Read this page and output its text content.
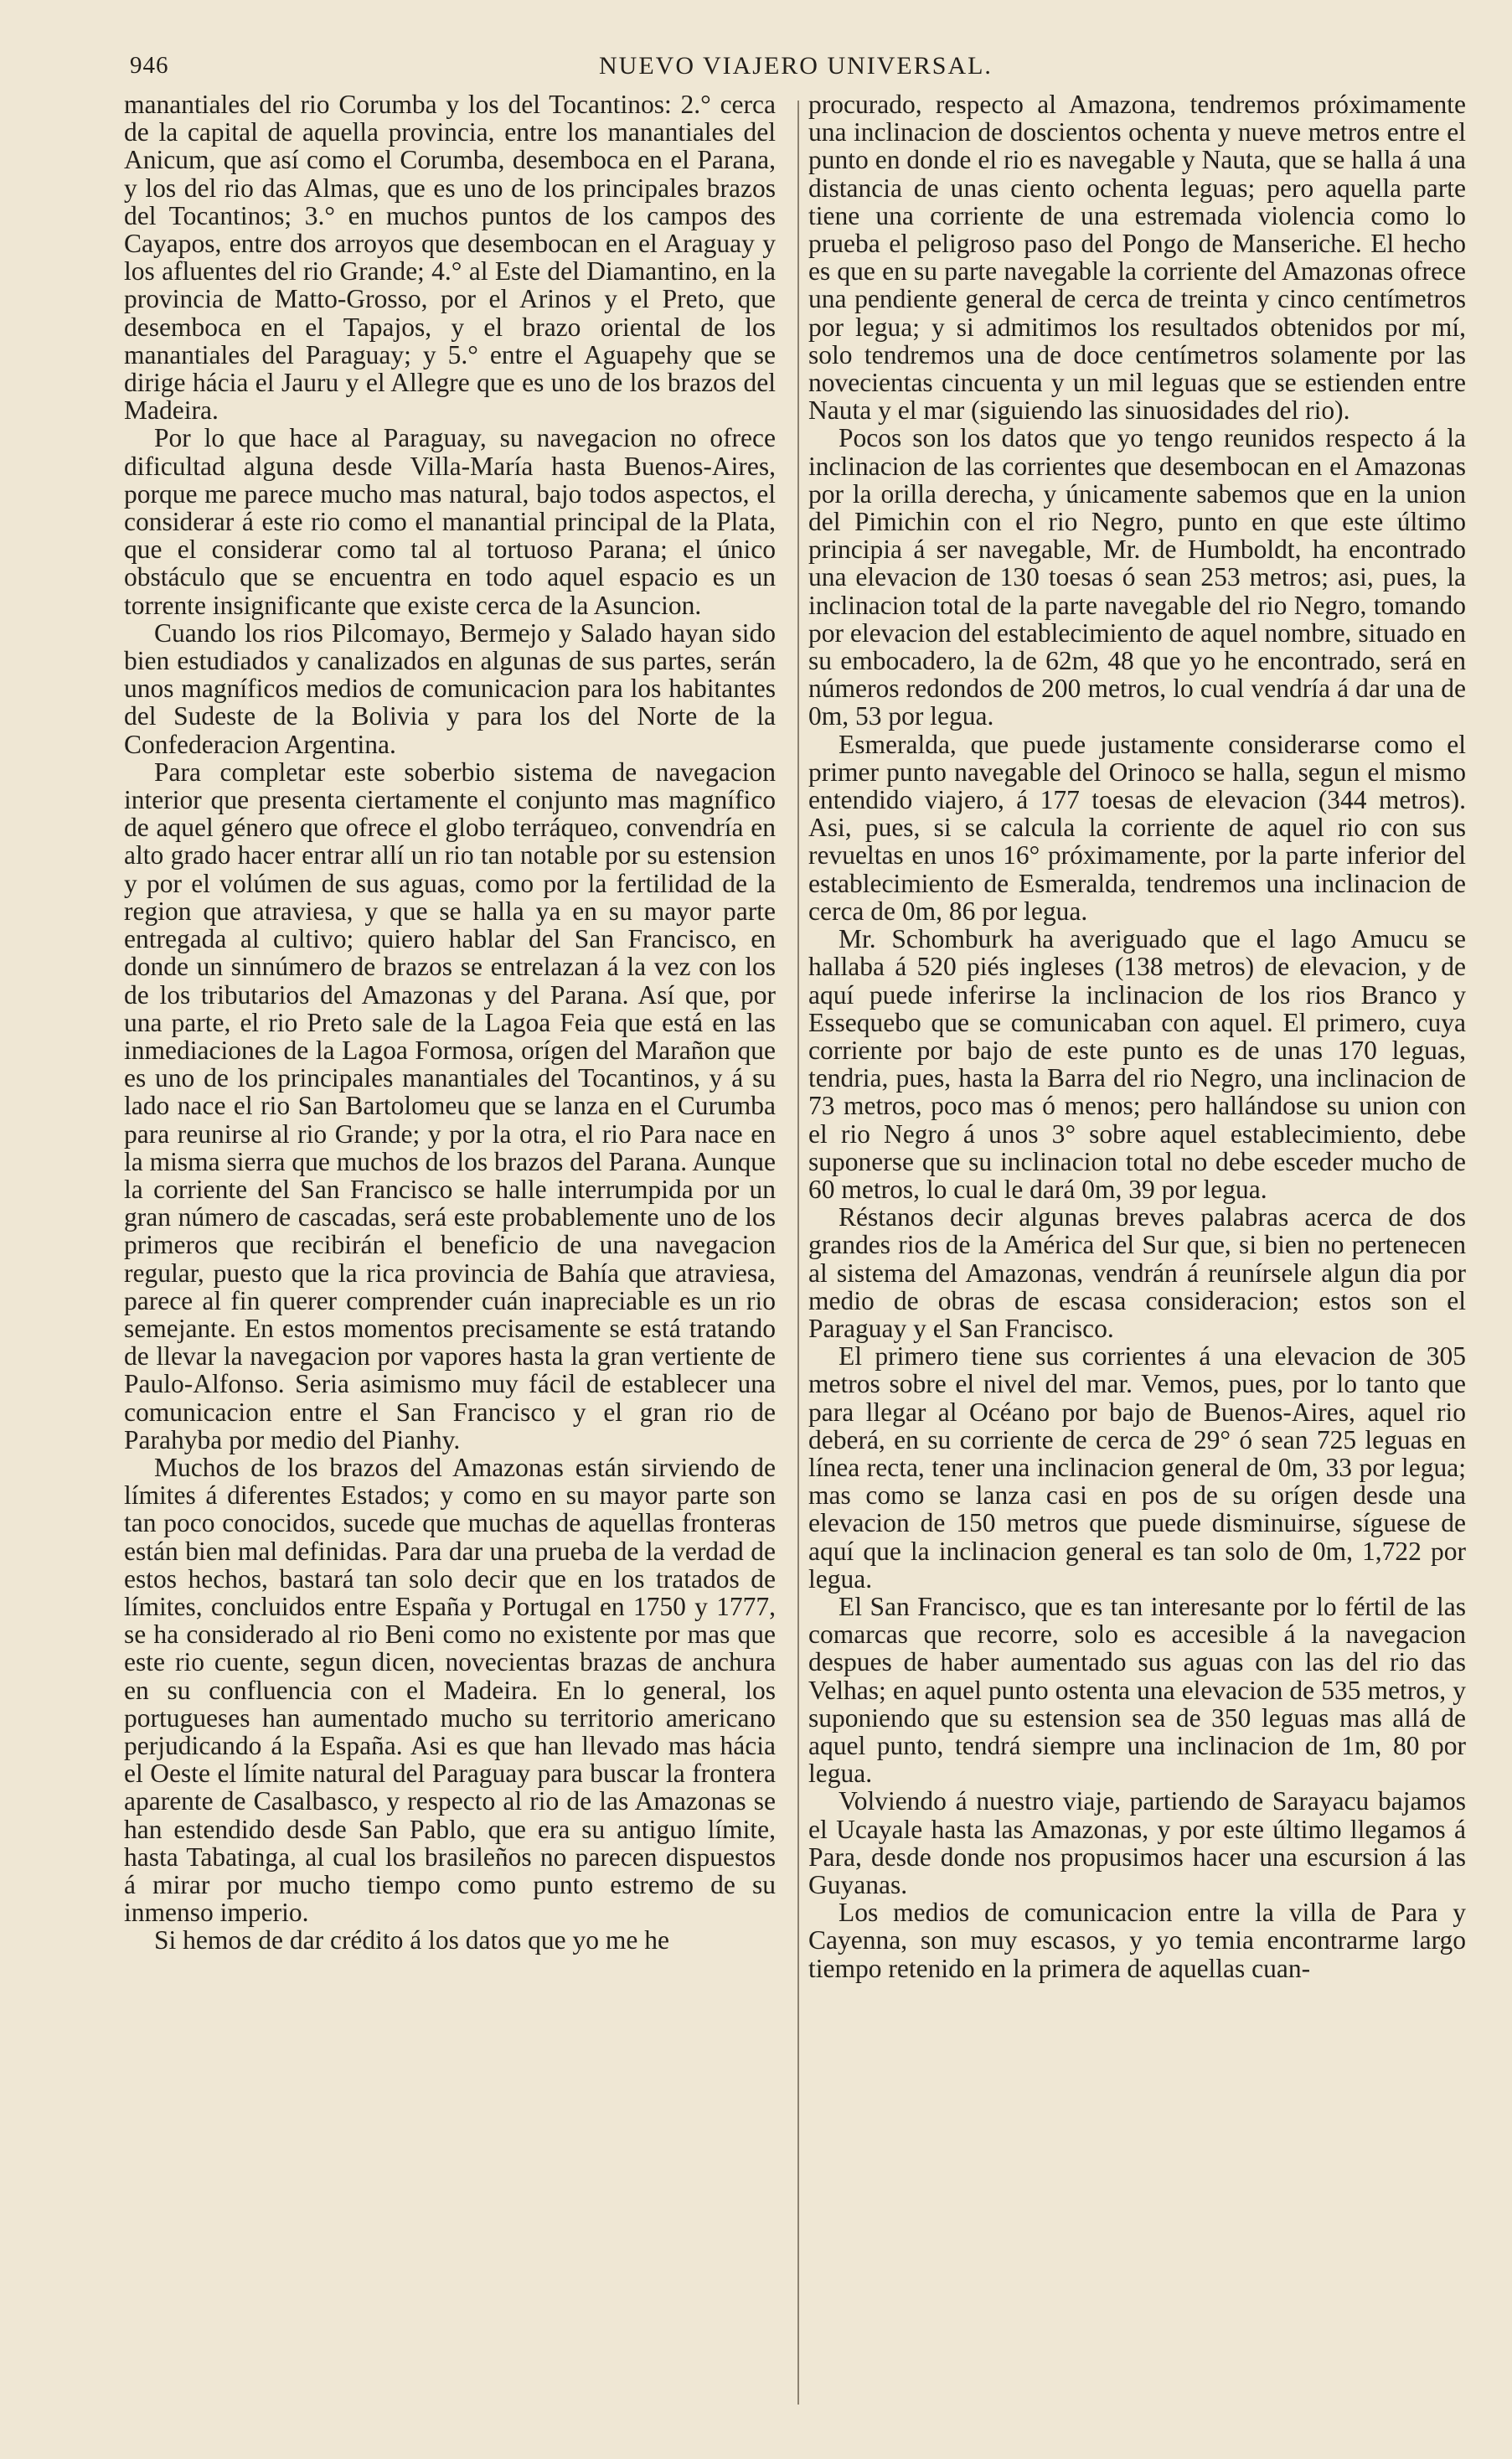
946	NUEVO VIAJERO UNIVERSAL.

manantiales del rio Corumba y los del Tocantinos: 2.° cerca de la capital de aquella provincia, entre los manantiales del Anicum, que así como el Corumba, desemboca en el Parana, y los del rio das Almas, que es uno de los principales brazos del Tocantinos; 3.° en muchos puntos de los campos des Cayapos, entre dos arroyos que desembocan en el Araguay y los afluentes del rio Grande; 4.° al Este del Diamantino, en la provincia de Matto-Grosso, por el Arinos y el Preto, que desemboca en el Tapajos, y el brazo oriental de los manantiales del Paraguay; y 5.° entre el Aguapehy que se dirige hácia el Jauru y el Allegre que es uno de los brazos del Madeira.

Por lo que hace al Paraguay, su navegacion no ofrece dificultad alguna desde Villa-María hasta Buenos-Aires, porque me parece mucho mas natural, bajo todos aspectos, el considerar á este rio como el manantial principal de la Plata, que el considerar como tal al tortuoso Parana; el único obstáculo que se encuentra en todo aquel espacio es un torrente insignificante que existe cerca de la Asuncion.

Cuando los rios Pilcomayo, Bermejo y Salado hayan sido bien estudiados y canalizados en algunas de sus partes, serán unos magníficos medios de comunicacion para los habitantes del Sudeste de la Bolivia y para los del Norte de la Confederacion Argentina.

Para completar este soberbio sistema de navegacion interior que presenta ciertamente el conjunto mas magnífico de aquel género que ofrece el globo terráqueo, convendría en alto grado hacer entrar allí un rio tan notable por su estension y por el volúmen de sus aguas, como por la fertilidad de la region que atraviesa, y que se halla ya en su mayor parte entregada al cultivo; quiero hablar del San Francisco, en donde un sinnúmero de brazos se entrelazan á la vez con los de los tributarios del Amazonas y del Parana. Así que, por una parte, el rio Preto sale de la Lagoa Feia que está en las inmediaciones de la Lagoa Formosa, orígen del Marañon que es uno de los principales manantiales del Tocantinos, y á su lado nace el rio San Bartolomeu que se lanza en el Curumba para reunirse al rio Grande; y por la otra, el rio Para nace en la misma sierra que muchos de los brazos del Parana. Aunque la corriente del San Francisco se halle interrumpida por un gran número de cascadas, será este probablemente uno de los primeros que recibirán el beneficio de una navegacion regular, puesto que la rica provincia de Bahía que atraviesa, parece al fin querer comprender cuán inapreciable es un rio semejante. En estos momentos precisamente se está tratando de llevar la navegacion por vapores hasta la gran vertiente de Paulo-Alfonso. Seria asimismo muy fácil de establecer una comunicacion entre el San Francisco y el gran rio de Parahyba por medio del Pianhy.

Muchos de los brazos del Amazonas están sirviendo de límites á diferentes Estados; y como en su mayor parte son tan poco conocidos, sucede que muchas de aquellas fronteras están bien mal definidas. Para dar una prueba de la verdad de estos hechos, bastará tan solo decir que en los tratados de límites, concluidos entre España y Portugal en 1750 y 1777, se ha considerado al rio Beni como no existente por mas que este rio cuente, segun dicen, novecientas brazas de anchura en su confluencia con el Madeira. En lo general, los portugueses han aumentado mucho su territorio americano perjudicando á la España. Asi es que han llevado mas hácia el Oeste el límite natural del Paraguay para buscar la frontera aparente de Casalbasco, y respecto al rio de las Amazonas se han estendido desde San Pablo, que era su antiguo límite, hasta Tabatinga, al cual los brasileños no parecen dispuestos á mirar por mucho tiempo como punto estremo de su inmenso imperio.

Si hemos de dar crédito á los datos que yo me he

procurado, respecto al Amazona, tendremos próximamente una inclinacion de doscientos ochenta y nueve metros entre el punto en donde el rio es navegable y Nauta, que se halla á una distancia de unas ciento ochenta leguas; pero aquella parte tiene una corriente de una estremada violencia como lo prueba el peligroso paso del Pongo de Manseriche. El hecho es que en su parte navegable la corriente del Amazonas ofrece una pendiente general de cerca de treinta y cinco centímetros por legua; y si admitimos los resultados obtenidos por mí, solo tendremos una de doce centímetros solamente por las novecientas cincuenta y un mil leguas que se estienden entre Nauta y el mar (siguiendo las sinuosidades del rio).

Pocos son los datos que yo tengo reunidos respecto á la inclinacion de las corrientes que desembocan en el Amazonas por la orilla derecha, y únicamente sabemos que en la union del Pimichin con el rio Negro, punto en que este último principia á ser navegable, Mr. de Humboldt, ha encontrado una elevacion de 130 toesas ó sean 253 metros; asi, pues, la inclinacion total de la parte navegable del rio Negro, tomando por elevacion del establecimiento de aquel nombre, situado en su embocadero, la de 62m, 48 que yo he encontrado, será en números redondos de 200 metros, lo cual vendría á dar una de 0m, 53 por legua.

Esmeralda, que puede justamente considerarse como el primer punto navegable del Orinoco se halla, segun el mismo entendido viajero, á 177 toesas de elevacion (344 metros). Asi, pues, si se calcula la corriente de aquel rio con sus revueltas en unos 16° próximamente, por la parte inferior del establecimiento de Esmeralda, tendremos una inclinacion de cerca de 0m, 86 por legua.

Mr. Schomburk ha averiguado que el lago Amucu se hallaba á 520 piés ingleses (138 metros) de elevacion, y de aquí puede inferirse la inclinacion de los rios Branco y Essequebo que se comunicaban con aquel. El primero, cuya corriente por bajo de este punto es de unas 170 leguas, tendria, pues, hasta la Barra del rio Negro, una inclinacion de 73 metros, poco mas ó menos; pero hallándose su union con el rio Negro á unos 3° sobre aquel establecimiento, debe suponerse que su inclinacion total no debe esceder mucho de 60 metros, lo cual le dará 0m, 39 por legua.

Réstanos decir algunas breves palabras acerca de dos grandes rios de la América del Sur que, si bien no pertenecen al sistema del Amazonas, vendrán á reunírsele algun dia por medio de obras de escasa consideracion; estos son el Paraguay y el San Francisco.

El primero tiene sus corrientes á una elevacion de 305 metros sobre el nivel del mar. Vemos, pues, por lo tanto que para llegar al Océano por bajo de Buenos-Aires, aquel rio deberá, en su corriente de cerca de 29° ó sean 725 leguas en línea recta, tener una inclinacion general de 0m, 33 por legua; mas como se lanza casi en pos de su orígen desde una elevacion de 150 metros que puede disminuirse, síguese de aquí que la inclinacion general es tan solo de 0m, 1,722 por legua.

El San Francisco, que es tan interesante por lo fértil de las comarcas que recorre, solo es accesible á la navegacion despues de haber aumentado sus aguas con las del rio das Velhas; en aquel punto ostenta una elevacion de 535 metros, y suponiendo que su estension sea de 350 leguas mas allá de aquel punto, tendrá siempre una inclinacion de 1m, 80 por legua.

Volviendo á nuestro viaje, partiendo de Sarayacu bajamos el Ucayale hasta las Amazonas, y por este último llegamos á Para, desde donde nos propusimos hacer una escursion á las Guyanas.

Los medios de comunicacion entre la villa de Para y Cayenna, son muy escasos, y yo temia encontrarme largo tiempo retenido en la primera de aquellas cuan-
